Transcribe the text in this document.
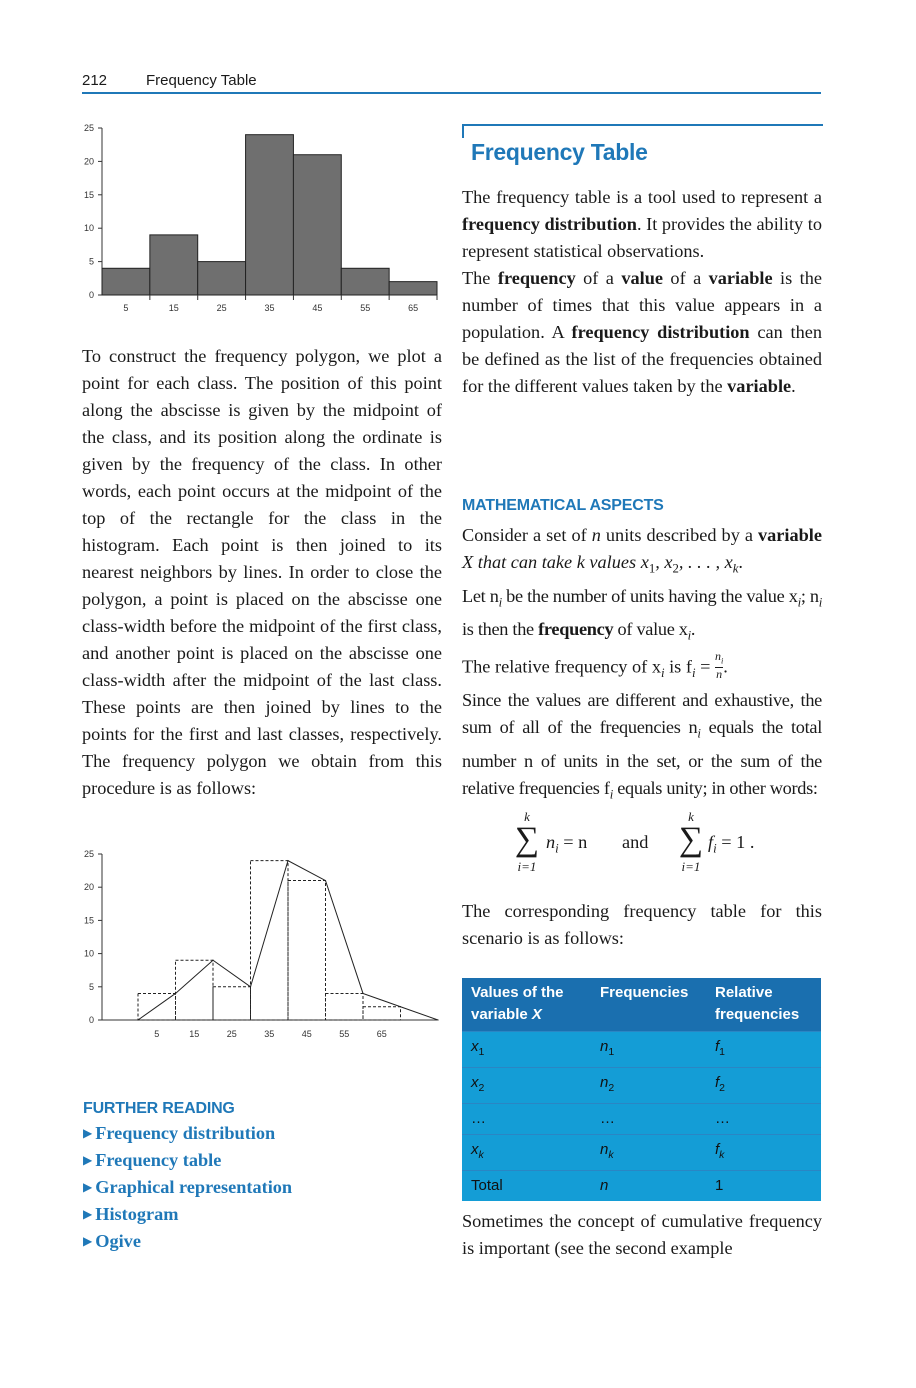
212	Frequency Table
0
5
10
15
20
25
5	15	25	35	45	55	65
To construct the frequency polygon, we plot a point for each class. The position of this point along the abscisse is given by the midpoint of the class, and its position along the ordinate is given by the frequency of the class. In other words, each point occurs at the midpoint of the top of the rectangle for the class in the histogram. Each point is then joined to its nearest neighbors by lines. In order to close the polygon, a point is placed on the abscisse one class-width before the midpoint of the first class, and another point is placed on the abscisse one class-width after the midpoint of the last class. These points are then joined by lines to the points for the first and last classes, respectively. The frequency polygon we obtain from this procedure is as follows:
0
5
10
15
20
25
5	15	25	35	45	55	65
FURTHER READING
▶ Frequency distribution
▶ Frequency table
▶ Graphical representation
▶ Histogram
▶ Ogive
Frequency Table

The frequency table is a tool used to represent a frequency distribution. It provides the ability to represent statistical observations.

The frequency of a value of a variable is the number of times that this value appears in a population. A frequency distribution can then be defined as the list of the frequencies obtained for the different values taken by the variable.

MATHEMATICAL ASPECTS

Consider a set of n units described by a variable X that can take k values $x_1$, $x_2$, . . . , $x_k$.

Let $n_i$ be the number of units having the value $x_i$; $n_i$ is then the frequency of value $x_i$.

The relative frequency of $x_i$ is $f_i = \frac{n_i}{n}$ .

Since the values are different and exhaustive, the sum of all of the frequencies $n_i$ equals the total number n of units in the set, or the sum of the relative frequencies $f_i$ equals unity; in other words:

k
∑
i=1
$n_i = n$ and
k
∑
i=1
$f_i = 1$ .

The corresponding frequency table for this scenario is as follows:

Values of the
variable X	Frequencies	Relative
frequencies
$x_1$	$n_1$	$f_1$
$x_2$	$n_2$	$f_2$
…	…	…
$x_k$	$n_k$	$f_k$
Total	n	1

Sometimes the concept of cumulative frequency is important (see the second example
